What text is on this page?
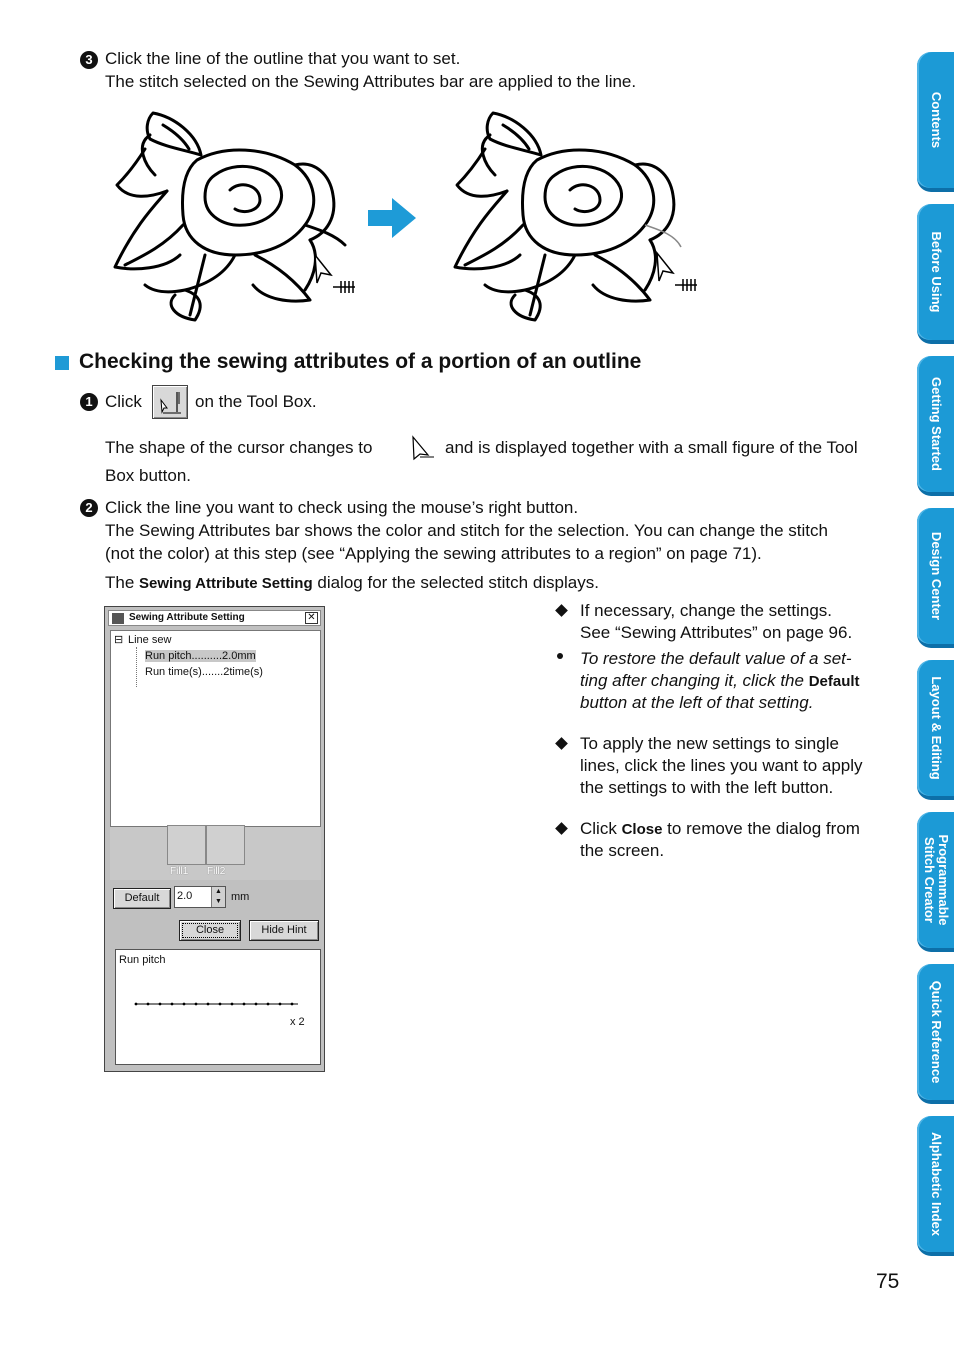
3 Click the line of the outline that you want to set.
The stitch selected on the Sewing Attributes bar are applied to the line.
Checking the sewing attributes of a portion of an outline
1 Click	on the Tool Box.
The shape of the cursor changes to	and is displayed together with a small figure of the Tool
Box button.
2 Click the line you want to check using the mouse’s right button.
The Sewing Attributes bar shows the color and stitch for the selection. You can change the stitch
(not the color) at this step (see “Applying the sewing attributes to a region” on page 71).
The Sewing Attribute Setting dialog for the selected stitch displays.
Sewing Attribute Setting	✕
⊟ Line sew
Run pitch..........2.0mm
Run time(s).......2time(s)
Fill1 Fill2
Default	2.0	▲
▼ mm
Close	Hide Hint
Run pitch
x 2
If necessary, change the settings.
See “Sewing Attributes” on page 96.
To restore the default value of a set-
ting after changing it, click the Default
button at the left of that setting.
To apply the new settings to single
lines, click the lines you want to apply
the settings to with the left button.
Click Close to remove the dialog from
the screen.
Contents
Before Using
Getting Started
Design Center
Layout & Editing
Programmable Stitch Creator
Quick Reference
Alphabetic Index
75
